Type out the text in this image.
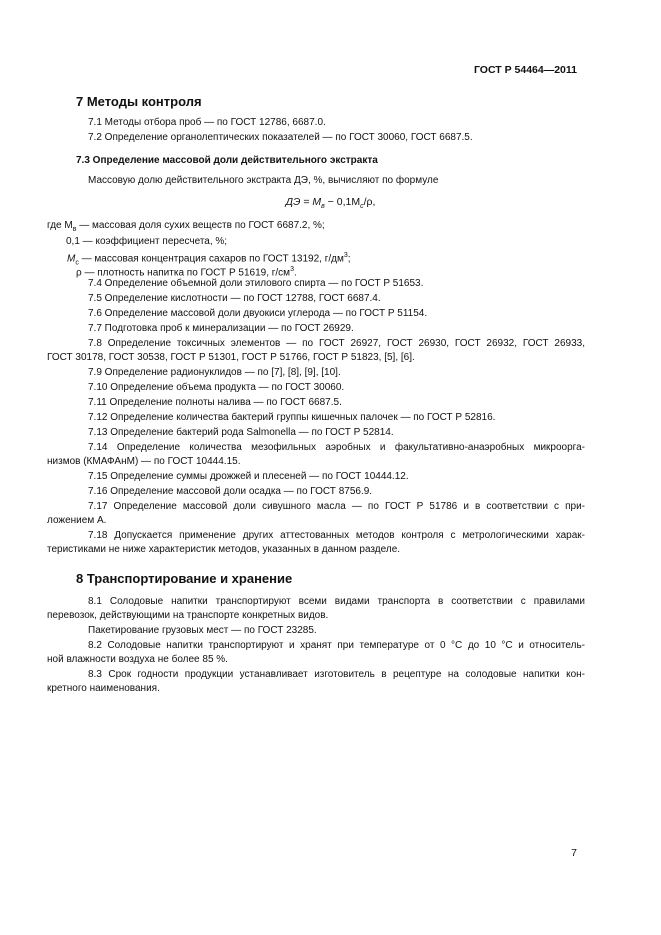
ГОСТ Р 54464—2011
7 Методы контроля
7.1 Методы отбора проб — по ГОСТ 12786, 6687.0.
7.2 Определение органолептических показателей — по ГОСТ 30060, ГОСТ 6687.5.
7.3 Определение массовой доли действительного экстракта
Массовую долю действительного экстракта ДЭ, %, вычисляют по формуле
ДЭ = $М_в - 0,1М_с/\rho$,
где $М_в$ — массовая доля сухих веществ по ГОСТ 6687.2, %;
0,1 — коэффициент пересчета, %;
$М_с$ — массовая концентрация сахаров по ГОСТ 13192, $г/дм^3$;
ρ — плотность напитка по ГОСТ Р 51619, $г/см^3$.
7.4 Определение объемной доли этилового спирта — по ГОСТ Р 51653.
7.5 Определение кислотности — по ГОСТ 12788, ГОСТ 6687.4.
7.6 Определение массовой доли двуокиси углерода — по ГОСТ Р 51154.
7.7 Подготовка проб к минерализации — по ГОСТ 26929.
7.8 Определение токсичных элементов — по ГОСТ 26927, ГОСТ 26930, ГОСТ 26932, ГОСТ 26933,
ГОСТ 30178, ГОСТ 30538, ГОСТ Р 51301, ГОСТ Р 51766, ГОСТ Р 51823, [5], [6].
7.9 Определение радионуклидов — по [7], [8], [9], [10].
7.10 Определение объема продукта — по ГОСТ 30060.
7.11 Определение полноты налива — по ГОСТ 6687.5.
7.12 Определение количества бактерий группы кишечных палочек — по ГОСТ Р 52816.
7.13 Определение бактерий рода Salmonella — по ГОСТ Р 52814.
7.14 Определение количества мезофильных аэробных и факультативно-анаэробных микроорга-
низмов (КМАФАнМ) — по ГОСТ 10444.15.
7.15 Определение суммы дрожжей и плесеней — по ГОСТ 10444.12.
7.16 Определение массовой доли осадка — по ГОСТ 8756.9.
7.17 Определение массовой доли сивушного масла — по ГОСТ Р 51786 и в соответствии с при-
ложением А.
7.18 Допускается применение других аттестованных методов контроля с метрологическими харак-
теристиками не ниже характеристик методов, указанных в данном разделе.
8 Транспортирование и хранение
8.1 Солодовые напитки транспортируют всеми видами транспорта в соответствии с правилами
перевозок, действующими на транспорте конкретных видов.
Пакетирование грузовых мест — по ГОСТ 23285.
8.2 Солодовые напитки транспортируют и хранят при температуре от 0 °С до 10 °С и относитель-
ной влажности воздуха не более 85 %.
8.3 Срок годности продукции устанавливает изготовитель в рецептуре на солодовые напитки кон-
кретного наименования.
7
